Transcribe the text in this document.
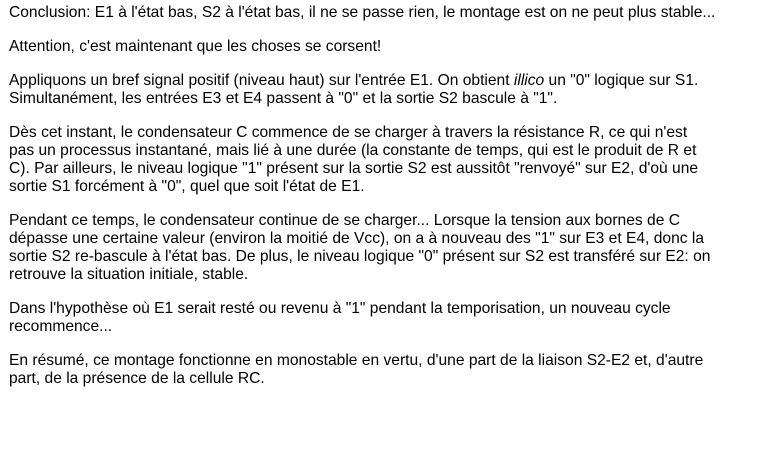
Conclusion: E1 à l'état bas, S2 à l'état bas, il ne se passe rien, le montage est on ne peut plus stable...

Attention, c'est maintenant que les choses se corsent!

Appliquons un bref signal positif (niveau haut) sur l'entrée E1. On obtient illico un "0" logique sur S1.
Simultanément, les entrées E3 et E4 passent à "0" et la sortie S2 bascule à "1".

Dès cet instant, le condensateur C commence de se charger à travers la résistance R, ce qui n'est
pas un processus instantané, mais lié à une durée (la constante de temps, qui est le produit de R et
C). Par ailleurs, le niveau logique "1" présent sur la sortie S2 est aussitôt "renvoyé" sur E2, d'où une
sortie S1 forcément à "0", quel que soit l'état de E1.

Pendant ce temps, le condensateur continue de se charger... Lorsque la tension aux bornes de C
dépasse une certaine valeur (environ la moitié de Vcc), on a à nouveau des "1" sur E3 et E4, donc la
sortie S2 re-bascule à l'état bas. De plus, le niveau logique "0" présent sur S2 est transféré sur E2: on
retrouve la situation initiale, stable.

Dans l'hypothèse où E1 serait resté ou revenu à "1" pendant la temporisation, un nouveau cycle
recommence...

En résumé, ce montage fonctionne en monostable en vertu, d'une part de la liaison S2-E2 et, d'autre
part, de la présence de la cellule RC.
